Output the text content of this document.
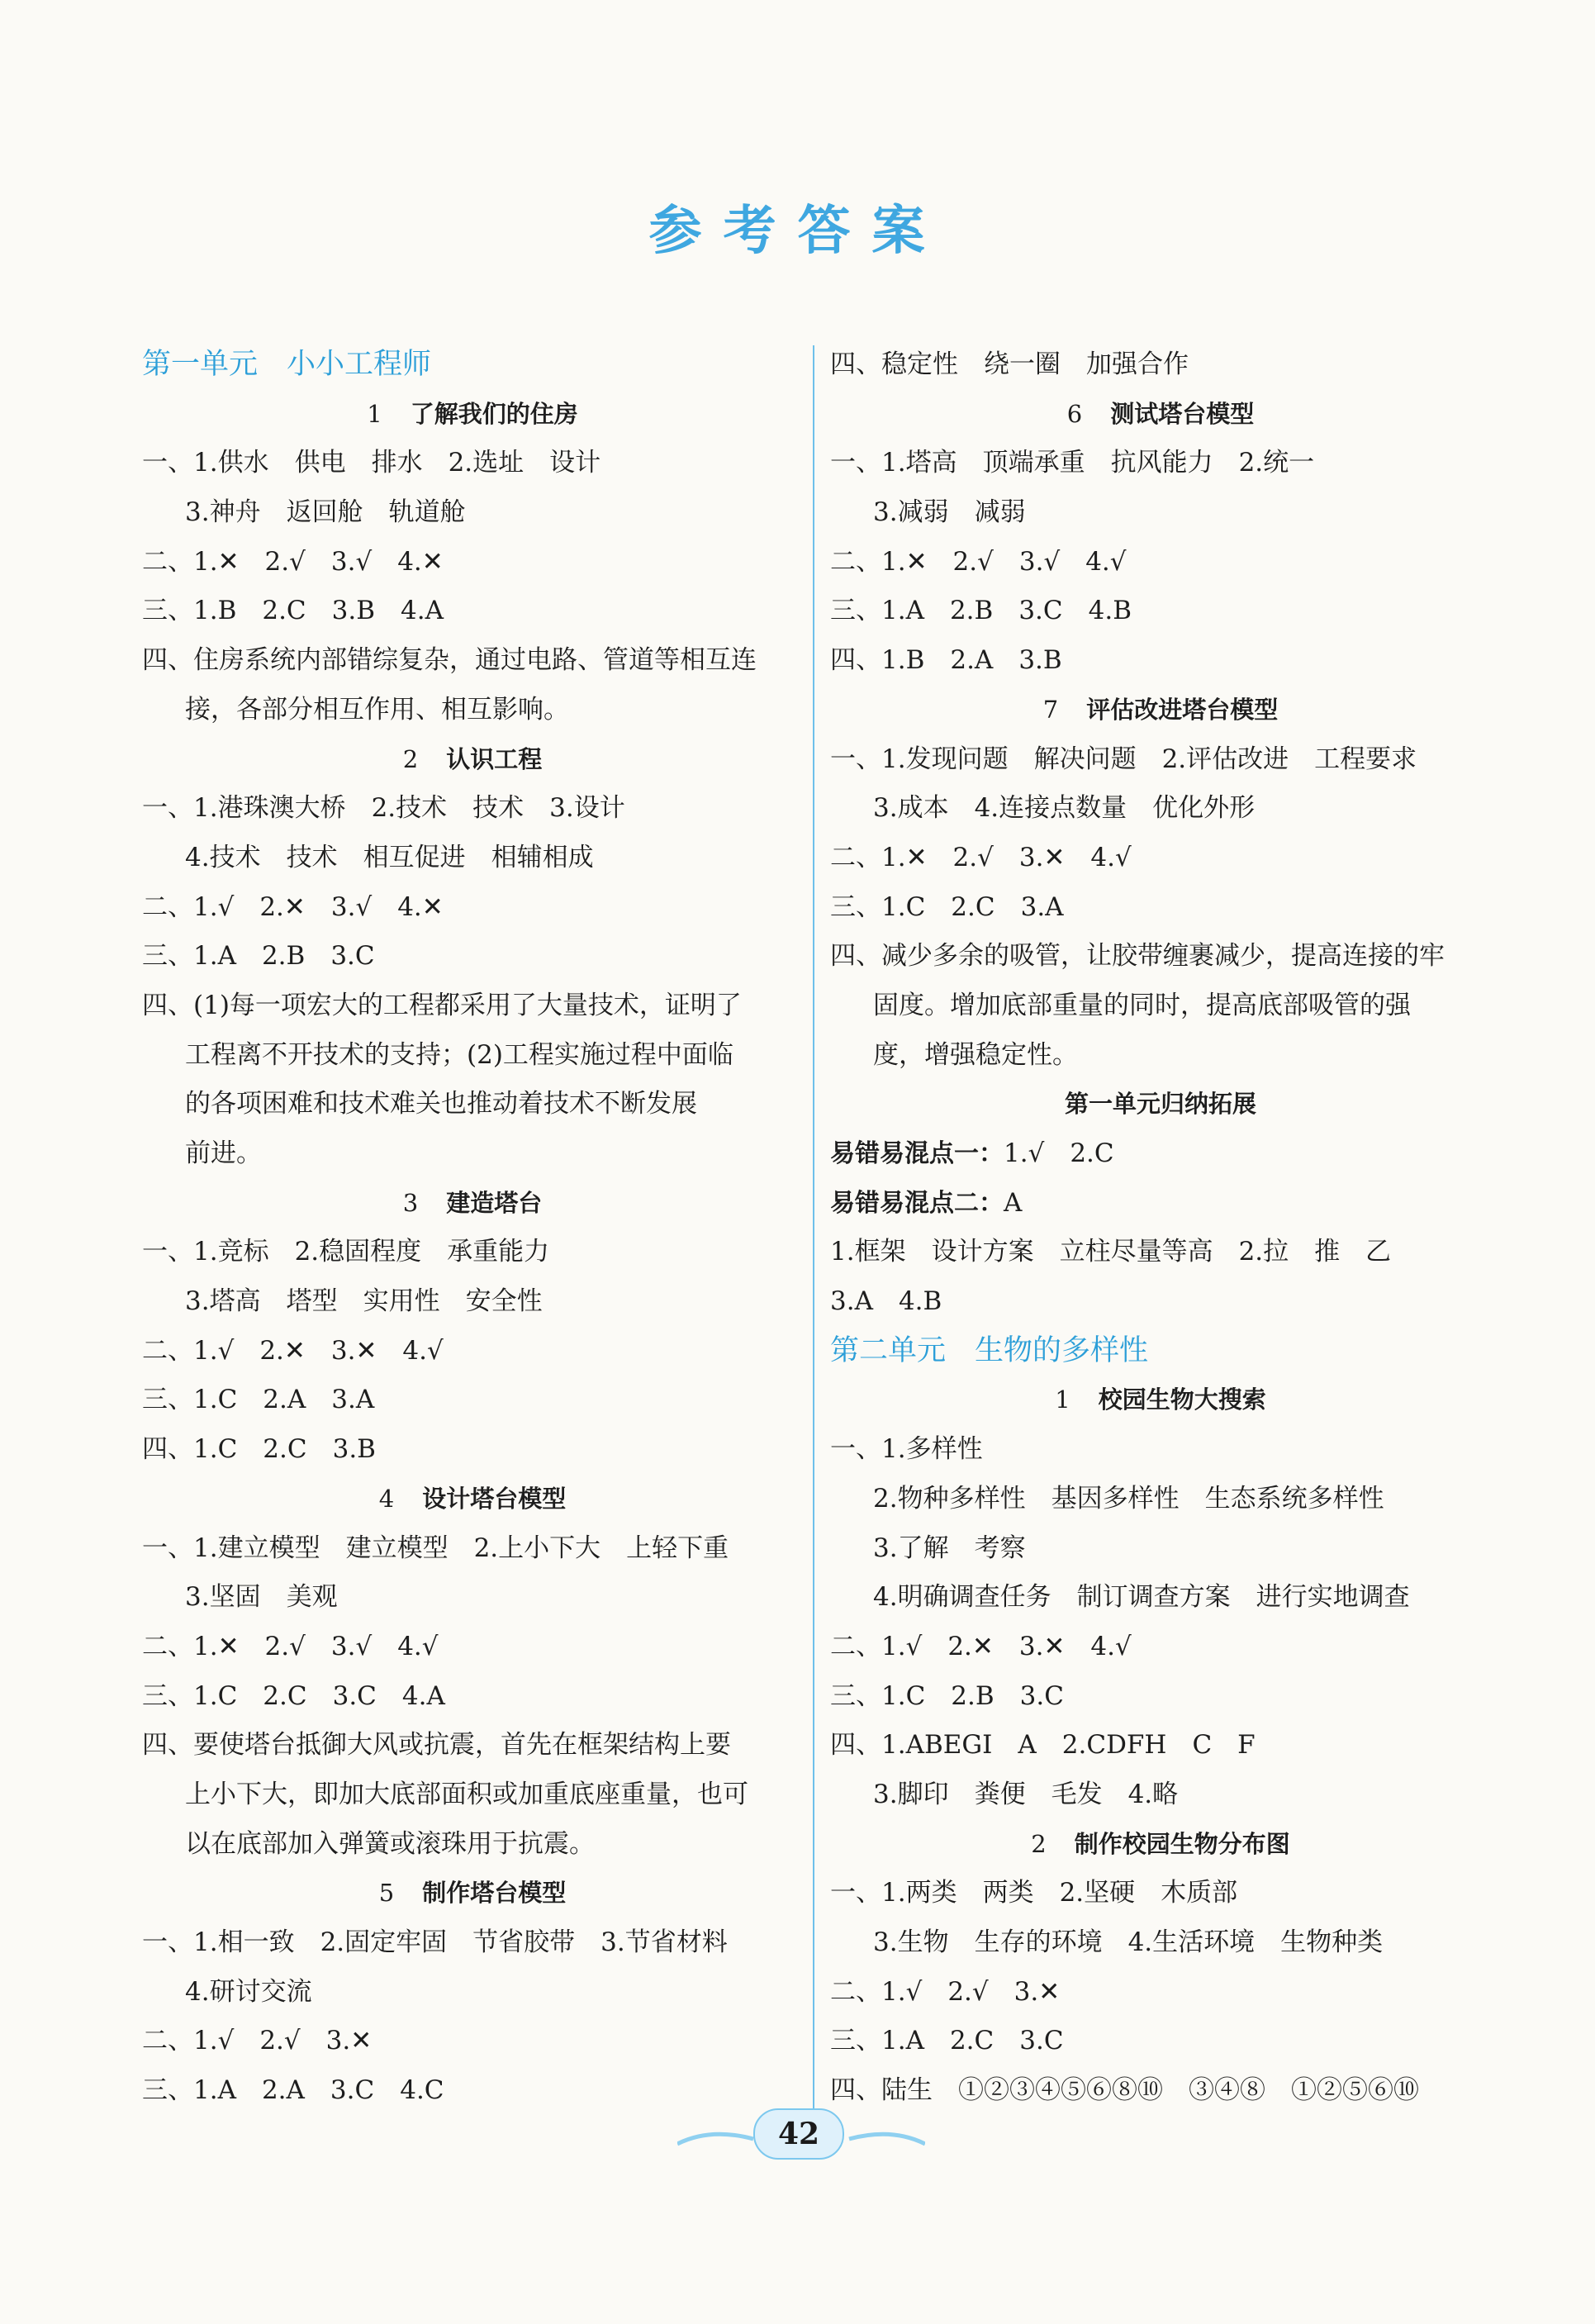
参考答案
第一单元　小小工程师
1 了解我们的住房
一、1.供水　供电　排水　2.选址　设计
3.神舟　返回舱　轨道舱
二、1.✕　2.√　3.√　4.✕
三、1.B　2.C　3.B　4.A
四、住房系统内部错综复杂，通过电路、管道等相互连
接，各部分相互作用、相互影响。
2 认识工程
一、1.港珠澳大桥　2.技术　技术　3.设计
4.技术　技术　相互促进　相辅相成
二、1.√　2.✕　3.√　4.✕
三、1.A　2.B　3.C
四、(1)每一项宏大的工程都采用了大量技术，证明了
工程离不开技术的支持；(2)工程实施过程中面临
的各项困难和技术难关也推动着技术不断发展
前进。
3 建造塔台
一、1.竞标　2.稳固程度　承重能力
3.塔高　塔型　实用性　安全性
二、1.√　2.✕　3.✕　4.√
三、1.C　2.A　3.A
四、1.C　2.C　3.B
4 设计塔台模型
一、1.建立模型　建立模型　2.上小下大　上轻下重
3.坚固　美观
二、1.✕　2.√　3.√　4.√
三、1.C　2.C　3.C　4.A
四、要使塔台抵御大风或抗震，首先在框架结构上要
上小下大，即加大底部面积或加重底座重量，也可
以在底部加入弹簧或滚珠用于抗震。
5 制作塔台模型
一、1.相一致　2.固定牢固　节省胶带　3.节省材料
4.研讨交流
二、1.√　2.√　3.✕
三、1.A　2.A　3.C　4.C
四、稳定性　绕一圈　加强合作
6 测试塔台模型
一、1.塔高　顶端承重　抗风能力　2.统一
3.减弱　减弱
二、1.✕　2.√　3.√　4.√
三、1.A　2.B　3.C　4.B
四、1.B　2.A　3.B
7 评估改进塔台模型
一、1.发现问题　解决问题　2.评估改进　工程要求
3.成本　4.连接点数量　优化外形
二、1.✕　2.√　3.✕　4.√
三、1.C　2.C　3.A
四、减少多余的吸管，让胶带缠裹减少，提高连接的牢
固度。增加底部重量的同时，提高底部吸管的强
度，增强稳定性。
第一单元归纳拓展
易错易混点一：1.√　2.C
易错易混点二：A
1.框架　设计方案　立柱尽量等高　2.拉　推　乙
3.A　4.B
第二单元　生物的多样性
1 校园生物大搜索
一、1.多样性
2.物种多样性　基因多样性　生态系统多样性
3.了解　考察
4.明确调查任务　制订调查方案　进行实地调查
二、1.√　2.✕　3.✕　4.√
三、1.C　2.B　3.C
四、1.ABEGI　A　2.CDFH　C　F
3.脚印　粪便　毛发　4.略
2 制作校园生物分布图
一、1.两类　两类　2.坚硬　木质部
3.生物　生存的环境　4.生活环境　生物种类
二、1.√　2.√　3.✕
三、1.A　2.C　3.C
四、陆生　①②③④⑤⑥⑧⑩　③④⑧　①②⑤⑥⑩
42
